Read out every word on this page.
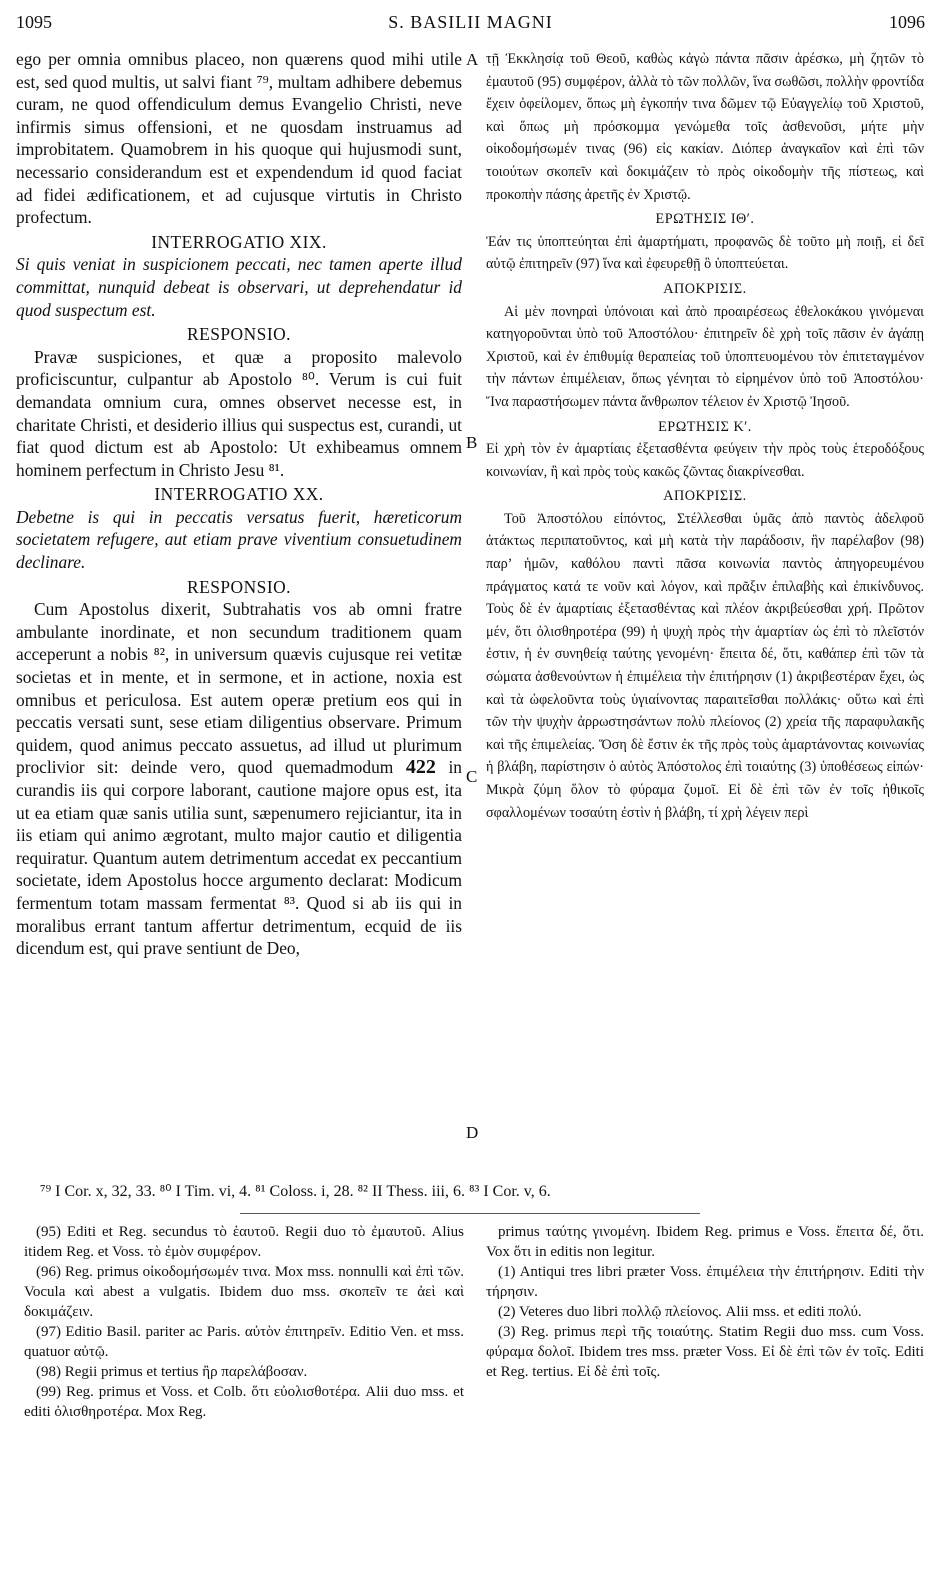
1095	S. BASILII MAGNI	1096

ego per omnia omnibus placeo, non quærens quod mihi utile est, sed quod multis, ut salvi fiant ⁷⁹, multam adhibere debemus curam, ne quod offendiculum demus Evangelio Christi, neve infirmis simus offensioni, et ne quosdam instruamus ad improbitatem. Quamobrem in his quoque qui hujusmodi sunt, necessario considerandum est et expendendum id quod faciat ad fidei ædificationem, et ad cujusque virtutis in Christo profectum.

INTERROGATIO XIX.

Si quis veniat in suspicionem peccati, nec tamen aperte illud committat, nunquid debeat is observari, ut deprehendatur id quod suspectum est.

RESPONSIO.

Pravæ suspiciones, et quæ a proposito malevolo proficiscuntur, culpantur ab Apostolo ⁸⁰. Verum is cui fuit demandata omnium cura, omnes observet necesse est, in charitate Christi, et desiderio illius qui suspectus est, curandi, ut fiat quod dictum est ab Apostolo: Ut exhibeamus omnem hominem perfectum in Christo Jesu ⁸¹.

INTERROGATIO XX.

Debetne is qui in peccatis versatus fuerit, hæreticorum societatem refugere, aut etiam prave viventium consuetudinem declinare.

RESPONSIO.

Cum Apostolus dixerit, Subtrahatis vos ab omni fratre ambulante inordinate, et non secundum traditionem quam acceperunt a nobis ⁸², in universum quævis cujusque rei vetitæ societas et in mente, et in sermone, et in actione, noxia est omnibus et periculosa. Est autem operæ pretium eos qui in peccatis versati sunt, sese etiam diligentius observare. Primum quidem, quod animus peccato assuetus, ad illud ut plurimum proclivior sit: deinde vero, quod quemadmodum 422 in curandis iis qui corpore laborant, cautione majore opus est, ita ut ea etiam quæ sanis utilia sunt, sæpenumero rejiciantur, ita in iis etiam qui animo ægrotant, multo major cautio et diligentia requiratur. Quantum autem detrimentum accedat ex peccantium societate, idem Apostolus hocce argumento declarat: Modicum fermentum totam massam fermentat ⁸³. Quod si ab iis qui in moralibus errant tantum affertur detrimentum, ecquid de iis dicendum est, qui prave sentiunt de Deo,

A
B
C
D

τῇ Ἐκκλησίᾳ τοῦ Θεοῦ, καθὼς κἀγὼ πάντα πᾶσιν ἀρέσκω, μὴ ζητῶν τὸ ἐμαυτοῦ (95) συμφέρον, ἀλλὰ τὸ τῶν πολλῶν, ἵνα σωθῶσι, πολλὴν φροντίδα ἔχειν ὀφείλομεν, ὅπως μὴ ἐγκοπήν τινα δῶμεν τῷ Εὐαγγελίῳ τοῦ Χριστοῦ, καὶ ὅπως μὴ πρόσκομμα γενώμεθα τοῖς ἀσθενοῦσι, μήτε μὴν οἰκοδομήσωμέν τινας (96) εἰς κακίαν. Διόπερ ἀναγκαῖον καὶ ἐπὶ τῶν τοιούτων σκοπεῖν καὶ δοκιμάζειν τὸ πρὸς οἰκοδομὴν τῆς πίστεως, καὶ προκοπὴν πάσης ἀρετῆς ἐν Χριστῷ.

ΕΡΩΤΗΣΙΣ ΙΘʹ.

Ἐάν τις ὑποπτεύηται ἐπὶ ἁμαρτήματι, προφανῶς δὲ τοῦτο μὴ ποιῇ, εἰ δεῖ αὐτῷ ἐπιτηρεῖν (97) ἵνα καὶ ἐφευρεθῇ ὃ ὑποπτεύεται.

ΑΠΟΚΡΙΣΙΣ.

Αἱ μὲν πονηραὶ ὑπόνοιαι καὶ ἀπὸ προαιρέσεως ἐθελοκάκου γινόμεναι κατηγοροῦνται ὑπὸ τοῦ Ἀποστόλου· ἐπιτηρεῖν δὲ χρὴ τοῖς πᾶσιν ἐν ἀγάπῃ Χριστοῦ, καὶ ἐν ἐπιθυμίᾳ θεραπείας τοῦ ὑποπτευομένου τὸν ἐπιτεταγμένον τὴν πάντων ἐπιμέλειαν, ὅπως γένηται τὸ εἰρημένον ὑπὸ τοῦ Ἀποστόλου· Ἵνα παραστήσωμεν πάντα ἄνθρωπον τέλειον ἐν Χριστῷ Ἰησοῦ.

ΕΡΩΤΗΣΙΣ Κʹ.

Εἰ χρὴ τὸν ἐν ἁμαρτίαις ἐξετασθέντα φεύγειν τὴν πρὸς τοὺς ἑτεροδόξους κοινωνίαν, ἢ καὶ πρὸς τοὺς κακῶς ζῶντας διακρίνεσθαι.

ΑΠΟΚΡΙΣΙΣ.

Τοῦ Ἀποστόλου εἰπόντος, Στέλλεσθαι ὑμᾶς ἀπὸ παντὸς ἀδελφοῦ ἀτάκτως περιπατοῦντος, καὶ μὴ κατὰ τὴν παράδοσιν, ἣν παρέλαβον (98) παρ’ ἡμῶν, καθόλου παντὶ πᾶσα κοινωνία παντὸς ἀπηγορευμένου πράγματος κατά τε νοῦν καὶ λόγον, καὶ πρᾶξιν ἐπιλαβὴς καὶ ἐπικίνδυνος. Τοὺς δὲ ἐν ἁμαρτίαις ἐξετασθέντας καὶ πλέον ἀκριβεύεσθαι χρή. Πρῶτον μέν, ὅτι ὀλισθηροτέρα (99) ἡ ψυχὴ πρὸς τὴν ἁμαρτίαν ὡς ἐπὶ τὸ πλεῖστόν ἐστιν, ἡ ἐν συνηθείᾳ ταύτης γενομένη· ἔπειτα δέ, ὅτι, καθάπερ ἐπὶ τῶν τὰ σώματα ἀσθενούντων ἡ ἐπιμέλεια τὴν ἐπιτήρησιν (1) ἀκριβεστέραν ἔχει, ὡς καὶ τὰ ὠφελοῦντα τοὺς ὑγιαίνοντας παραιτεῖσθαι πολλάκις· οὕτω καὶ ἐπὶ τῶν τὴν ψυχὴν ἀρρωστησάντων πολὺ πλείονος (2) χρεία τῆς παραφυλακῆς καὶ τῆς ἐπιμελείας. Ὅση δὲ ἔστιν ἐκ τῆς πρὸς τοὺς ἁμαρτάνοντας κοινωνίας ἡ βλάβη, παρίστησιν ὁ αὐτὸς Ἀπόστολος ἐπὶ τοιαύτης (3) ὑποθέσεως εἰπών· Μικρὰ ζύμη ὅλον τὸ φύραμα ζυμοῖ. Εἰ δὲ ἐπὶ τῶν ἐν τοῖς ἠθικοῖς σφαλλομένων τοσαύτη ἐστὶν ἡ βλάβη, τί χρὴ λέγειν περὶ

⁷⁹ I Cor. x, 32, 33. ⁸⁰ I Tim. vi, 4. ⁸¹ Coloss. i, 28. ⁸² II Thess. iii, 6. ⁸³ I Cor. v, 6.

(95) Editi et Reg. secundus τὸ ἑαυτοῦ. Regii duo τὸ ἐμαυτοῦ. Alius itidem Reg. et Voss. τὸ ἐμὸν συμφέρον.

(96) Reg. primus οἰκοδομήσωμέν τινα. Mox mss. nonnulli καὶ ἐπὶ τῶν. Vocula καὶ abest a vulgatis. Ibidem duo mss. σκοπεῖν τε ἀεὶ καὶ δοκιμάζειν.

(97) Editio Basil. pariter ac Paris. αὐτὸν ἐπιτηρεῖν. Editio Ven. et mss. quatuor αὐτῷ.

(98) Regii primus et tertius ἢρ παρελάβοσαν.

(99) Reg. primus et Voss. et Colb. ὅτι εὐολισθοτέρα. Alii duo mss. et editi ὀλισθηροτέρα. Mox Reg.

primus ταύτης γινομένη. Ibidem Reg. primus e Voss. ἔπειτα δέ, ὅτι. Vox ὅτι in editis non legitur.

(1) Antiqui tres libri præter Voss. ἐπιμέλεια τὴν ἐπιτήρησιν. Editi τὴν τήρησιν.

(2) Veteres duo libri πολλῷ πλείονος. Alii mss. et editi πολύ.

(3) Reg. primus περὶ τῆς τοιαύτης. Statim Regii duo mss. cum Voss. φύραμα δολοῖ. Ibidem tres mss. præter Voss. Εἰ δὲ ἐπὶ τῶν ἐν τοῖς. Editi et Reg. tertius. Εἰ δὲ ἐπὶ τοῖς.
